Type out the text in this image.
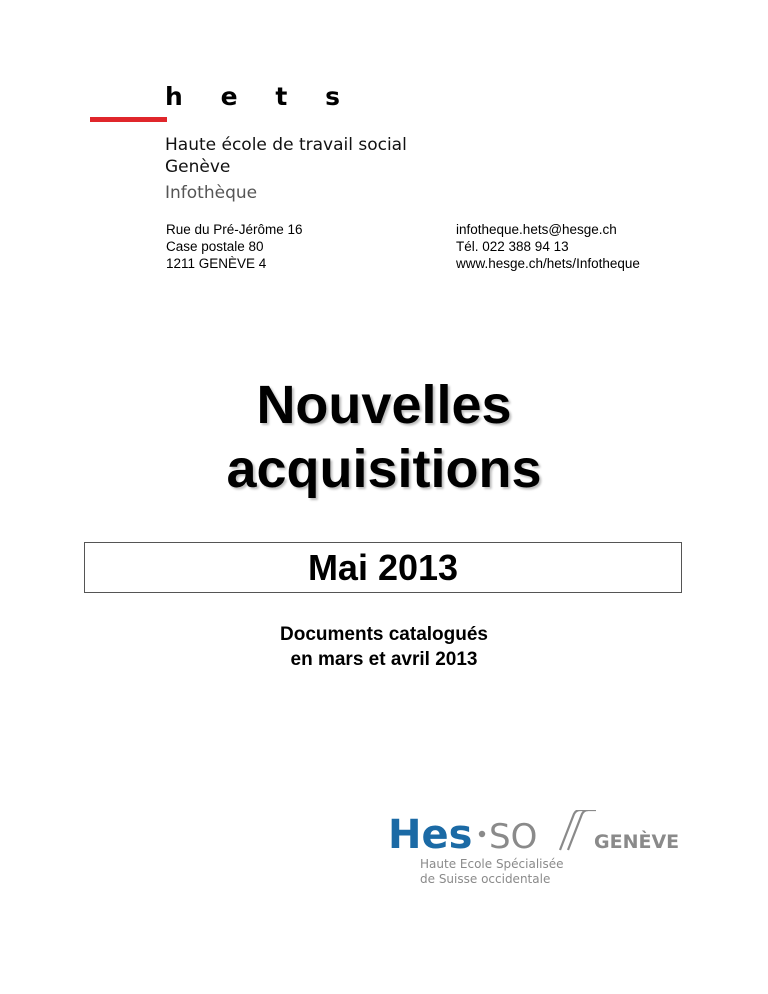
h e t s
Haute école de travail social
Genève
Infothèque
Rue du Pré-Jérôme 16
Case postale 80
1211 GENÈVE 4
infotheque.hets@hesge.ch
Tél. 022 388 94 13
www.hesge.ch/hets/Infotheque
Nouvelles
acquisitions
Mai 2013
Documents catalogués
en mars et avril 2013
Hes SO	GENÈVE
Haute Ecole Spécialisée
de Suisse occidentale
